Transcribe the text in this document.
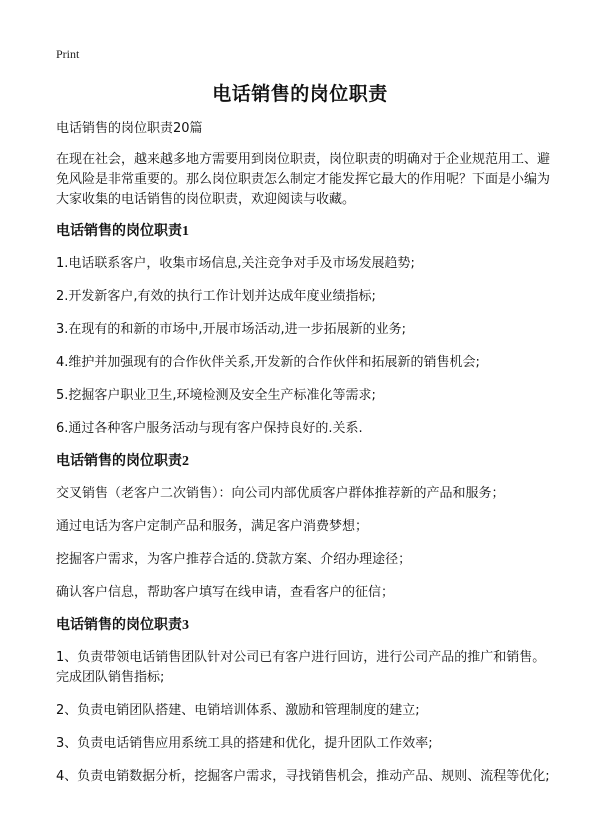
Print
电话销售的岗位职责

电话销售的岗位职责20篇

在现在社会，越来越多地方需要用到岗位职责，岗位职责的明确对于企业规范用工、避免风险是非常重要的。那么岗位职责怎么制定才能发挥它最大的作用呢？下面是小编为大家收集的电话销售的岗位职责，欢迎阅读与收藏。

电话销售的岗位职责1

1.电话联系客户，收集市场信息,关注竞争对手及市场发展趋势;

2.开发新客户,有效的执行工作计划并达成年度业绩指标;

3.在现有的和新的市场中,开展市场活动,进一步拓展新的业务;

4.维护并加强现有的合作伙伴关系,开发新的合作伙伴和拓展新的销售机会;

5.挖掘客户职业卫生,环境检测及安全生产标准化等需求;

6.通过各种客户服务活动与现有客户保持良好的.关系.

电话销售的岗位职责2

交叉销售（老客户二次销售）：向公司内部优质客户群体推荐新的产品和服务；

通过电话为客户定制产品和服务，满足客户消费梦想；

挖掘客户需求，为客户推荐合适的.贷款方案、介绍办理途径；

确认客户信息，帮助客户填写在线申请，查看客户的征信；

电话销售的岗位职责3

1、负责带领电话销售团队针对公司已有客户进行回访，进行公司产品的推广和销售。完成团队销售指标;

2、负责电销团队搭建、电销培训体系、激励和管理制度的建立;

3、负责电话销售应用系统工具的搭建和优化，提升团队工作效率;

4、负责电销数据分析，挖掘客户需求，寻找销售机会，推动产品、规则、流程等优化;
